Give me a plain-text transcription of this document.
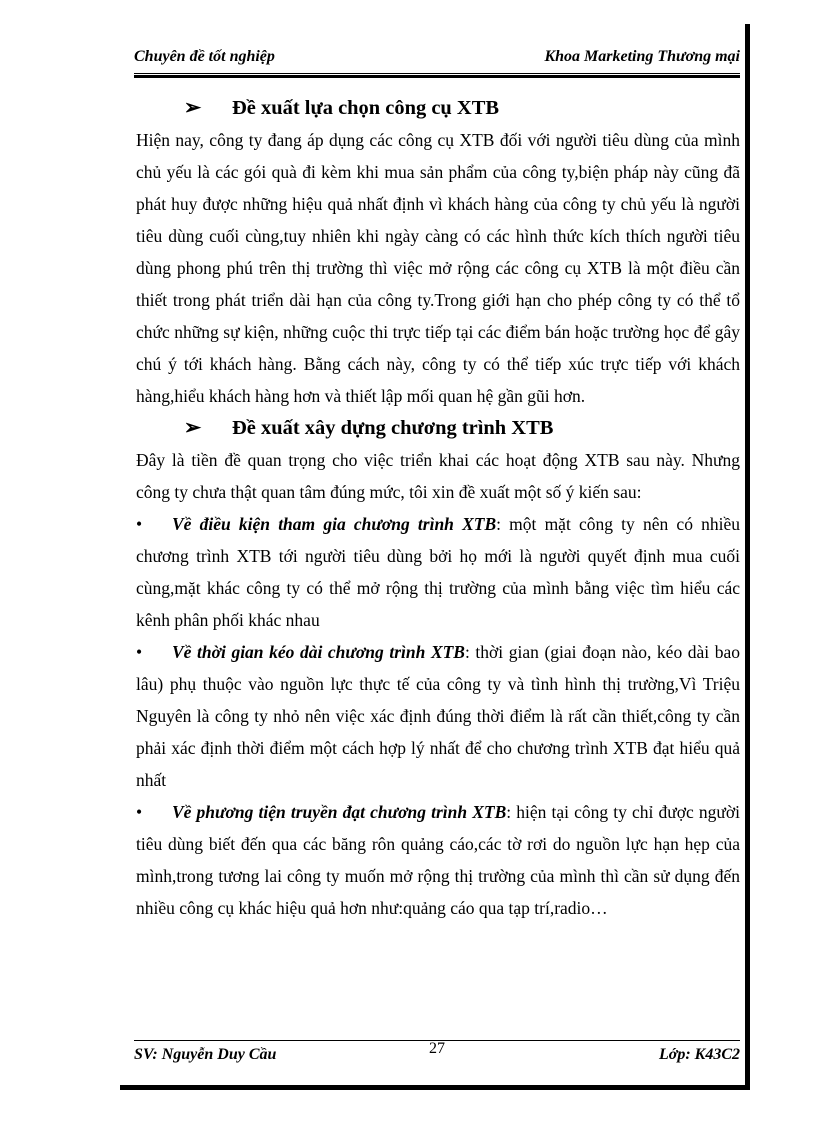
Chuyên đề tốt nghiệp	Khoa Marketing Thương mại
➢ Đề xuất lựa chọn công cụ XTB

Hiện nay, công ty đang áp dụng các công cụ XTB đối với người tiêu dùng của mình chủ yếu là các gói quà đi kèm khi mua sản phẩm của công ty,biện pháp này cũng đã phát huy được những hiệu quả nhất định vì khách hàng của công ty chủ yếu là người tiêu dùng cuối cùng,tuy nhiên khi ngày càng có các hình thức kích thích người tiêu dùng phong phú trên thị trường thì việc mở rộng các công cụ XTB là một điều cần thiết trong phát triển dài hạn của công ty.Trong giới hạn cho phép công ty có thể tổ chức những sự kiện, những cuộc thi trực tiếp tại các điểm bán hoặc trường học để gây chú ý tới khách hàng. Bằng cách này, công ty có thể tiếp xúc trực tiếp với khách hàng,hiểu khách hàng hơn và thiết lập mối quan hệ gần gũi hơn.

➢ Đề xuất xây dựng chương trình XTB

Đây là tiền đề quan trọng cho việc triển khai các hoạt động XTB sau này. Nhưng công ty chưa thật quan tâm đúng mức, tôi xin đề xuất một số ý kiến sau:

• Về điều kiện tham gia chương trình XTB: một mặt công ty nên có nhiều chương trình XTB tới người tiêu dùng bởi họ mới là người quyết định mua cuối cùng,mặt khác công ty có thể mở rộng thị trường của mình bằng việc tìm hiểu các kênh phân phối khác nhau

• Về thời gian kéo dài chương trình XTB: thời gian (giai đoạn nào, kéo dài bao lâu) phụ thuộc vào nguồn lực thực tế của công ty và tình hình thị trường,Vì Triệu Nguyên là công ty nhỏ nên việc xác định đúng thời điểm là rất cần thiết,công ty cần phải xác định thời điểm một cách hợp lý nhất để cho chương trình XTB đạt hiểu quả nhất

• Về phương tiện truyền đạt chương trình XTB: hiện tại công ty chỉ được người tiêu dùng biết đến qua các băng rôn quảng cáo,các tờ rơi do nguồn lực hạn hẹp của mình,trong tương lai công ty muốn mở rộng thị trường của mình thì cần sử dụng đến nhiều công cụ khác hiệu quả hơn như:quảng cáo qua tạp trí,radio…

SV: Nguyễn Duy Cầu	27	Lớp: K43C2
